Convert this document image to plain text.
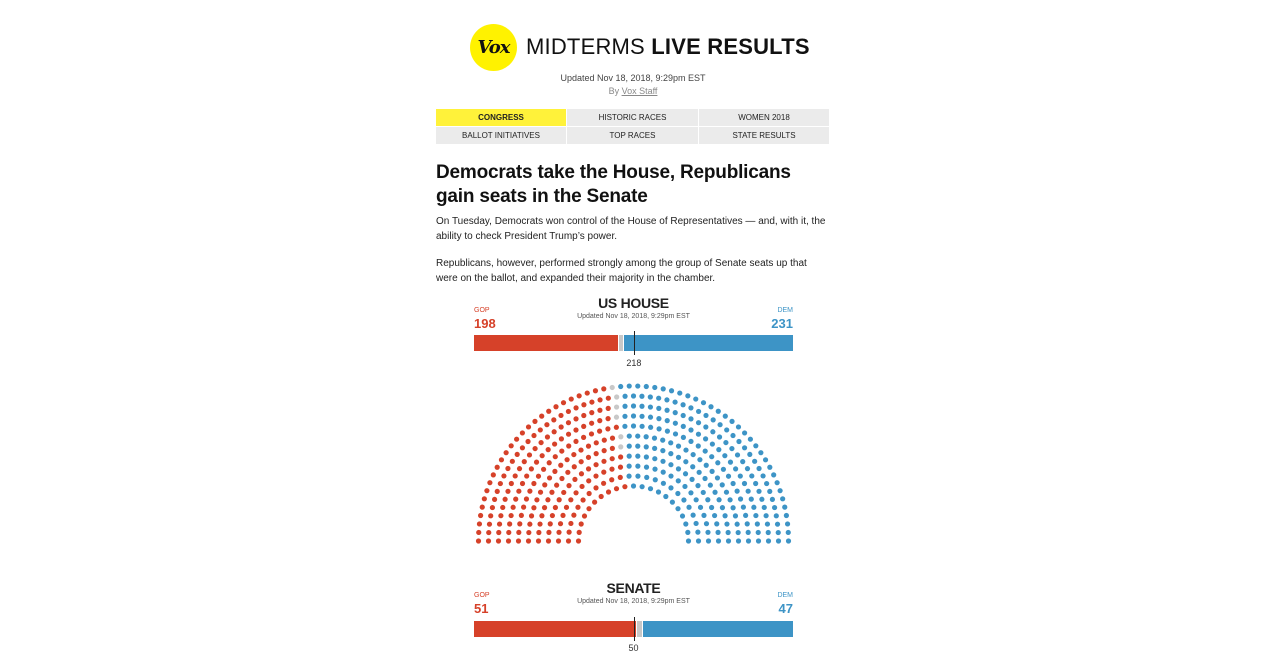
Vox MIDTERMS LIVE RESULTS
Updated Nov 18, 2018, 9:29pm EST
By Vox Staff
CONGRESS	HISTORIC RACES	WOMEN 2018
BALLOT INITIATIVES	TOP RACES	STATE RESULTS
Democrats take the House, Republicans gain seats in the Senate

On Tuesday, Democrats won control of the House of Representatives — and, with it, the ability to check President Trump’s power.

Republicans, however, performed strongly among the group of Senate seats up that were on the ballot, and expanded their majority in the chamber.

US HOUSE
Updated Nov 18, 2018, 9:29pm EST
GOP
198
DEM
231
218
SENATE
Updated Nov 18, 2018, 9:29pm EST
GOP
51
DEM
47
50
